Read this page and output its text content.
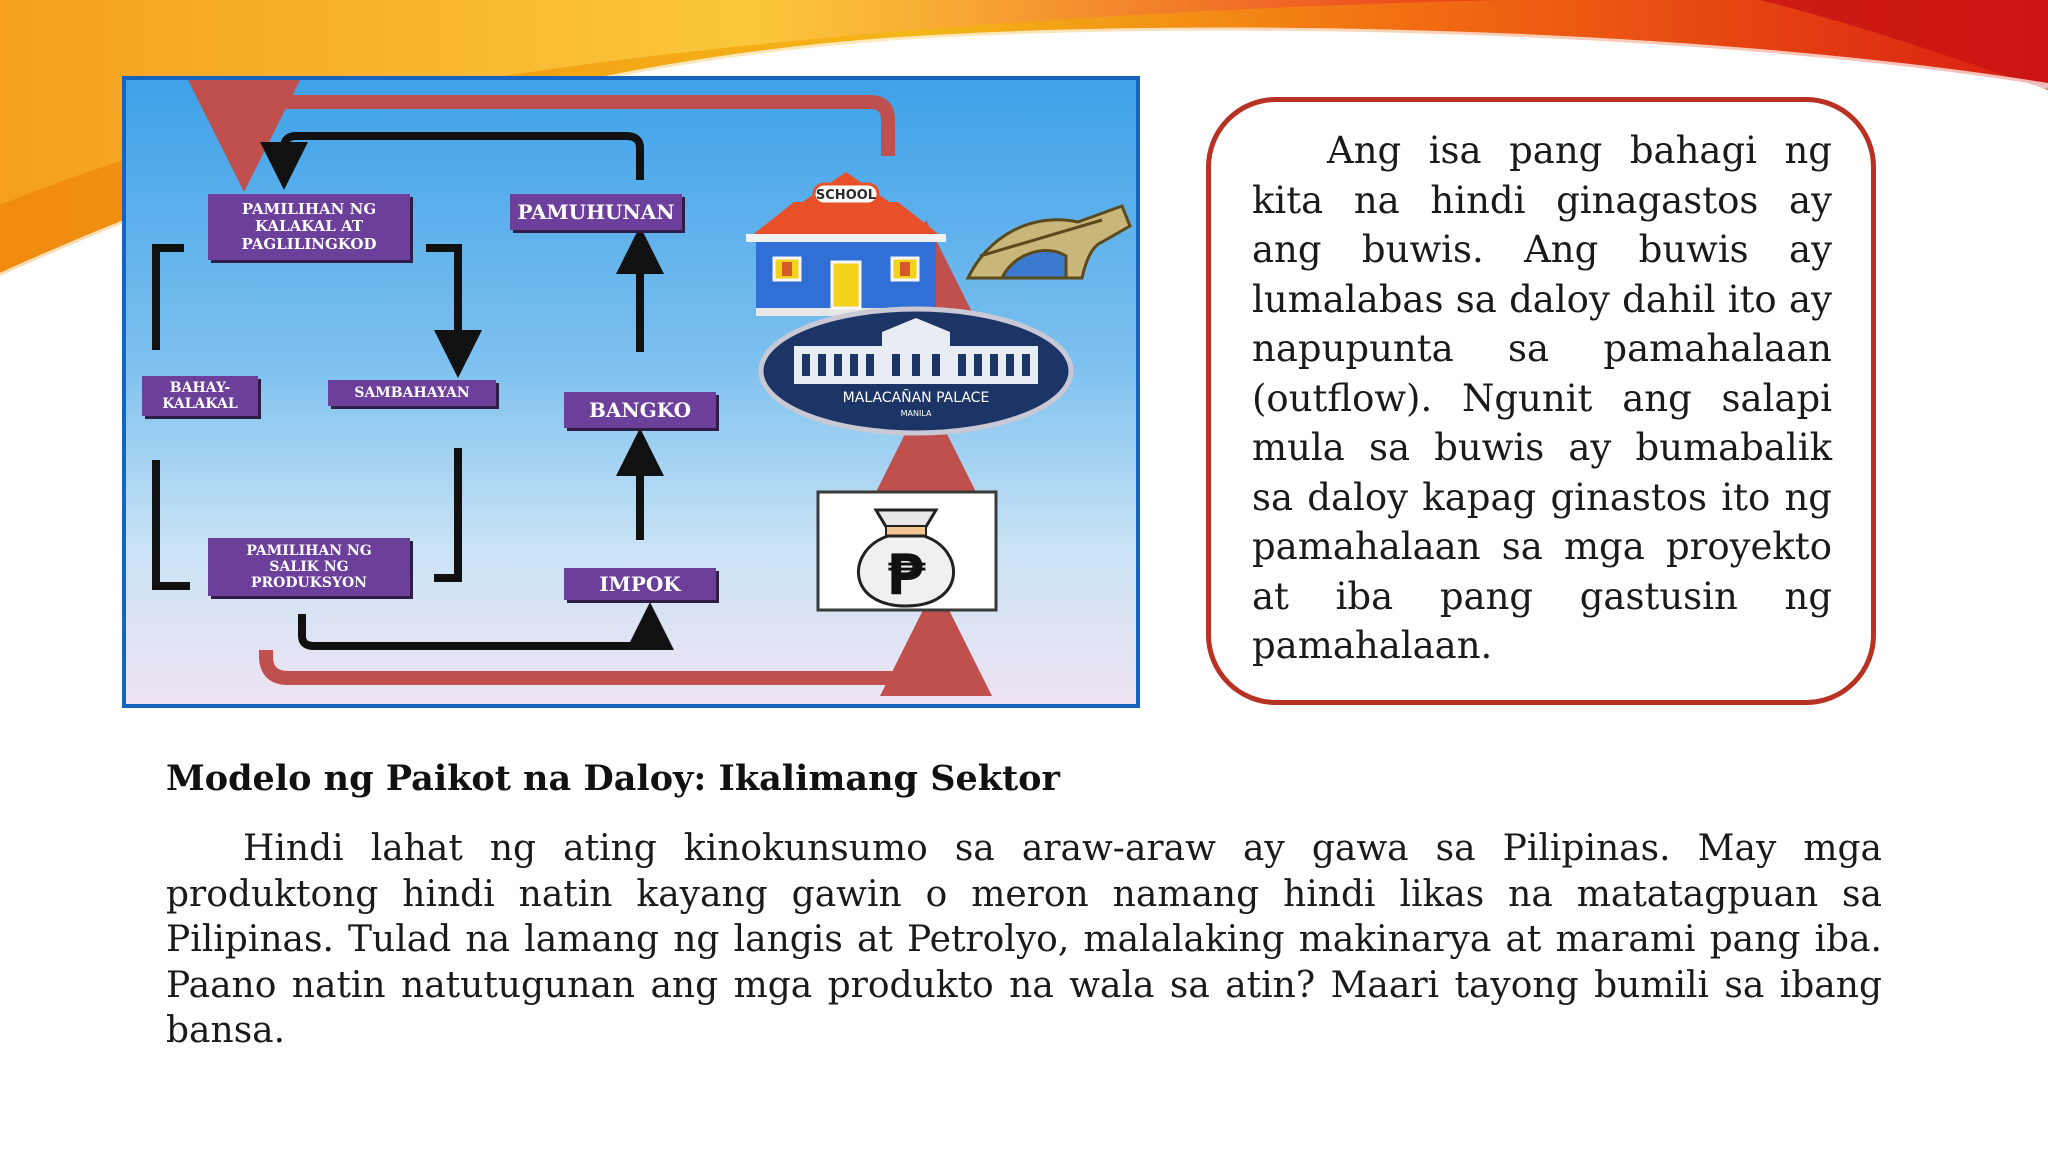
PAMILIHAN NG
KALAKAL AT
PAGLILINGKOD
PAMUHUNAN
BAHAY-
KALAKAL
SAMBAHAYAN
BANGKO
PAMILIHAN NG
SALIK NG
PRODUKSYON	IMPOK
SCHOOL
MALACAÑAN PALACE
MANILA
₱
Ang isa pang bahagi ng kita na hindi ginagastos ay ang buwis. Ang buwis ay lumalabas sa daloy dahil ito ay napupunta sa pamahalaan (outflow). Ngunit ang salapi mula sa buwis ay bumabalik sa daloy kapag ginastos ito ng pamahalaan sa mga proyekto at iba pang gastusin ng pamahalaan.
Modelo ng Paikot na Daloy: Ikalimang Sektor
Hindi lahat ng ating kinokunsumo sa araw-araw ay gawa sa Pilipinas. May mga produktong hindi natin kayang gawin o meron namang hindi likas na matatagpuan sa Pilipinas. Tulad na lamang ng langis at Petrolyo, malalaking makinarya at marami pang iba. Paano natin natutugunan ang mga produkto na wala sa atin? Maari tayong bumili sa ibang bansa.
